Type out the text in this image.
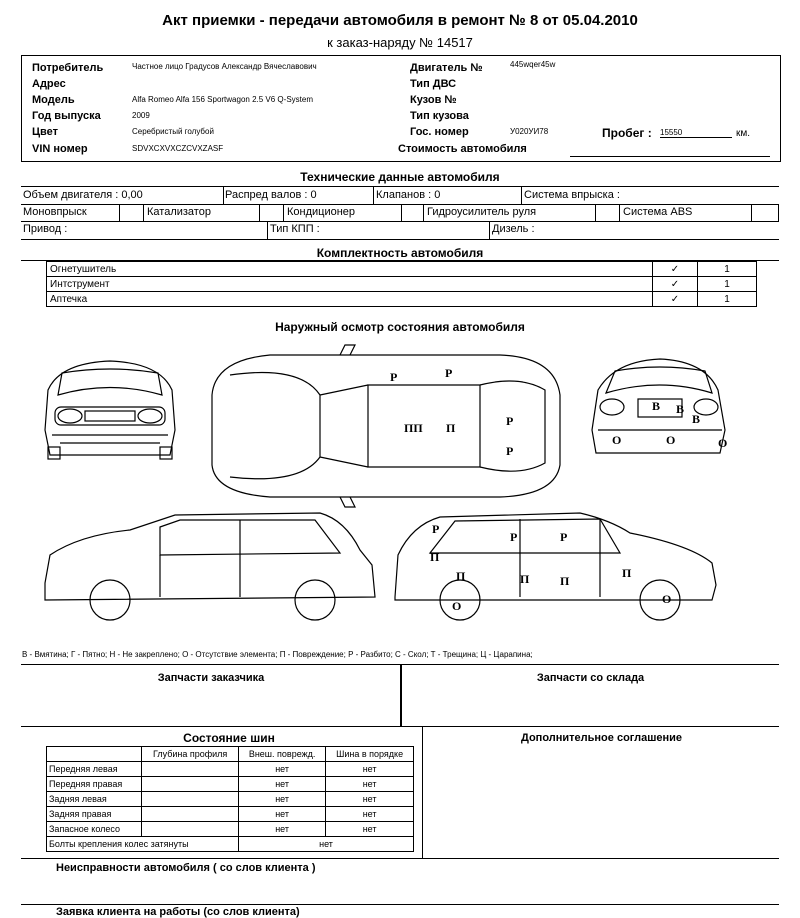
Акт приемки - передачи автомобиля в ремонт № 8 от 05.04.2010
к заказ-наряду № 14517
Потребитель	Частное лицо Градусов Александр Вячеславович
Адрес
Модель	Alfa Romeo Alfa 156 Sportwagon 2.5 V6 Q-System
Год выпуска	2009
Цвет	Серебристый голубой
VIN номер	SDVXCXVXCZCVXZASF
Двигатель №	445wqer45w
Тип ДВС
Кузов №
Тип кузова
Гос. номер	У020УИ78	Пробег : 15550	км.
Стоимость автомобиля
Технические данные автомобиля
Объем двигателя : 0,00	Распред валов : 0	Клапанов : 0	Система впрыска :
Моновпрыск	Катализатор	Кондиционер	Гидроусилитель руля	Система ABS
Привод :	Тип КПП :	Дизель :
Комплектность автомобиля
Огнетушитель	✓	1
Интструмент	✓	1
Аптечка	✓	1
Наружный осмотр состояния автомобиля
Р	Р
ПП П	Р
Р
В В
В
О	О	О
Р
Р	Р
П
П	П	П
П
О	О
В - Вмятина; Г - Пятно; Н - Не закреплено; О - Отсутствие элемента; П - Повреждение; Р - Разбито; С - Скол; Т - Трещина; Ц - Царапина;
Запчасти заказчика	Запчасти со склада
Состояние шин
	Глубина профиля	Внеш. поврежд.	Шина в порядке
Передняя левая		нет	нет
Передняя правая		нет	нет
Задняя левая		нет	нет
Задняя правая		нет	нет
Запасное колесо		нет	нет
Болты крепления колес затянуты		нет	
Дополнительное соглашение
Неисправности автомобиля ( со слов клиента )
Заявка клиента на работы (со слов клиента)
